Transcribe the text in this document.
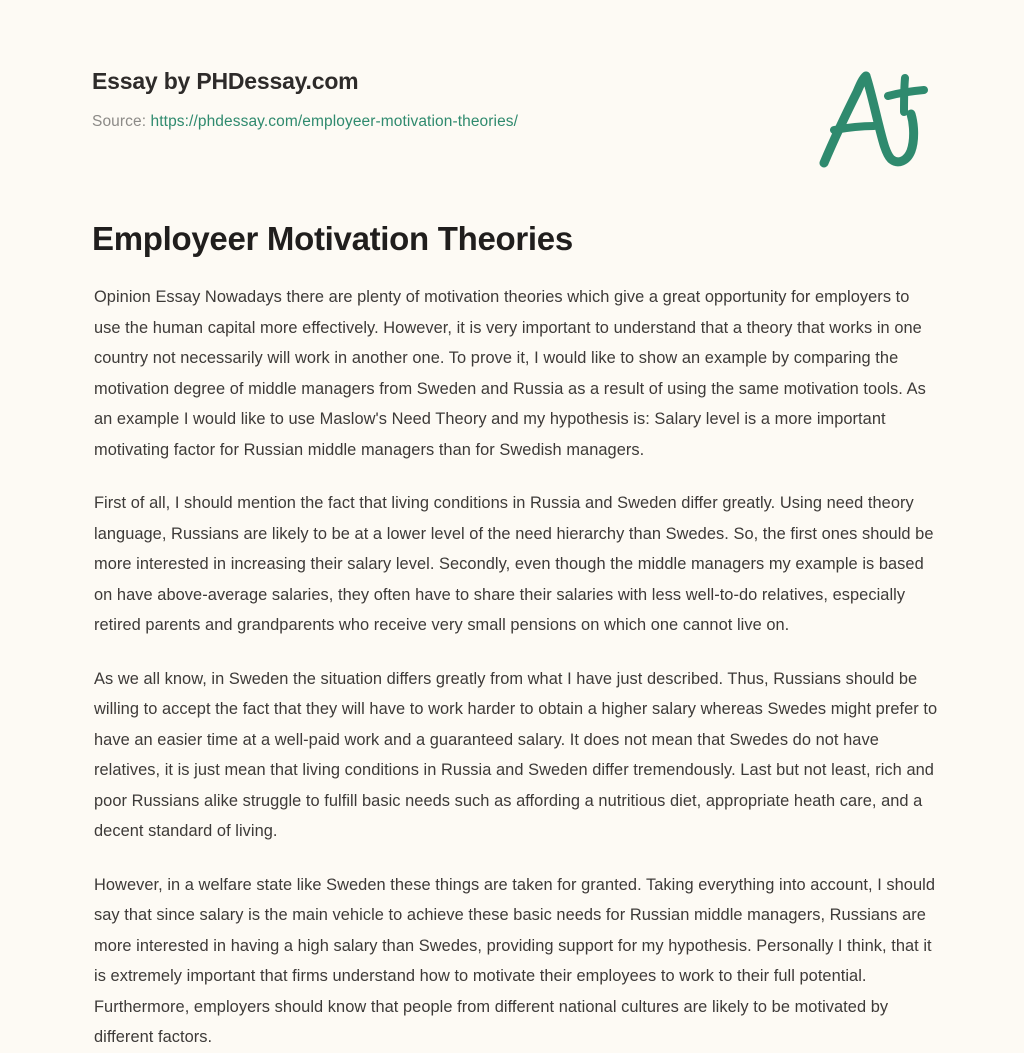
Essay by PHDessay.com
Source: https://phdessay.com/employeer-motivation-theories/
Employeer Motivation Theories

Opinion Essay Nowadays there are plenty of motivation theories which give a great opportunity for employers to use the human capital more effectively. However, it is very important to understand that a theory that works in one country not necessarily will work in another one. To prove it, I would like to show an example by comparing the motivation degree of middle managers from Sweden and Russia as a result of using the same motivation tools. As an example I would like to use Maslow's Need Theory and my hypothesis is: Salary level is a more important motivating factor for Russian middle managers than for Swedish managers.

First of all, I should mention the fact that living conditions in Russia and Sweden differ greatly. Using need theory language, Russians are likely to be at a lower level of the need hierarchy than Swedes. So, the first ones should be more interested in increasing their salary level. Secondly, even though the middle managers my example is based on have above-average salaries, they often have to share their salaries with less well-to-do relatives, especially retired parents and grandparents who receive very small pensions on which one cannot live on.

As we all know, in Sweden the situation differs greatly from what I have just described. Thus, Russians should be willing to accept the fact that they will have to work harder to obtain a higher salary whereas Swedes might prefer to have an easier time at a well-paid work and a guaranteed salary. It does not mean that Swedes do not have relatives, it is just mean that living conditions in Russia and Sweden differ tremendously. Last but not least, rich and poor Russians alike struggle to fulfill basic needs such as affording a nutritious diet, appropriate heath care, and a decent standard of living.

However, in a welfare state like Sweden these things are taken for granted. Taking everything into account, I should say that since salary is the main vehicle to achieve these basic needs for Russian middle managers, Russians are more interested in having a high salary than Swedes, providing support for my hypothesis. Personally I think, that it is extremely important that firms understand how to motivate their employees to work to their full potential. Furthermore, employers should know that people from different national cultures are likely to be motivated by different factors.
